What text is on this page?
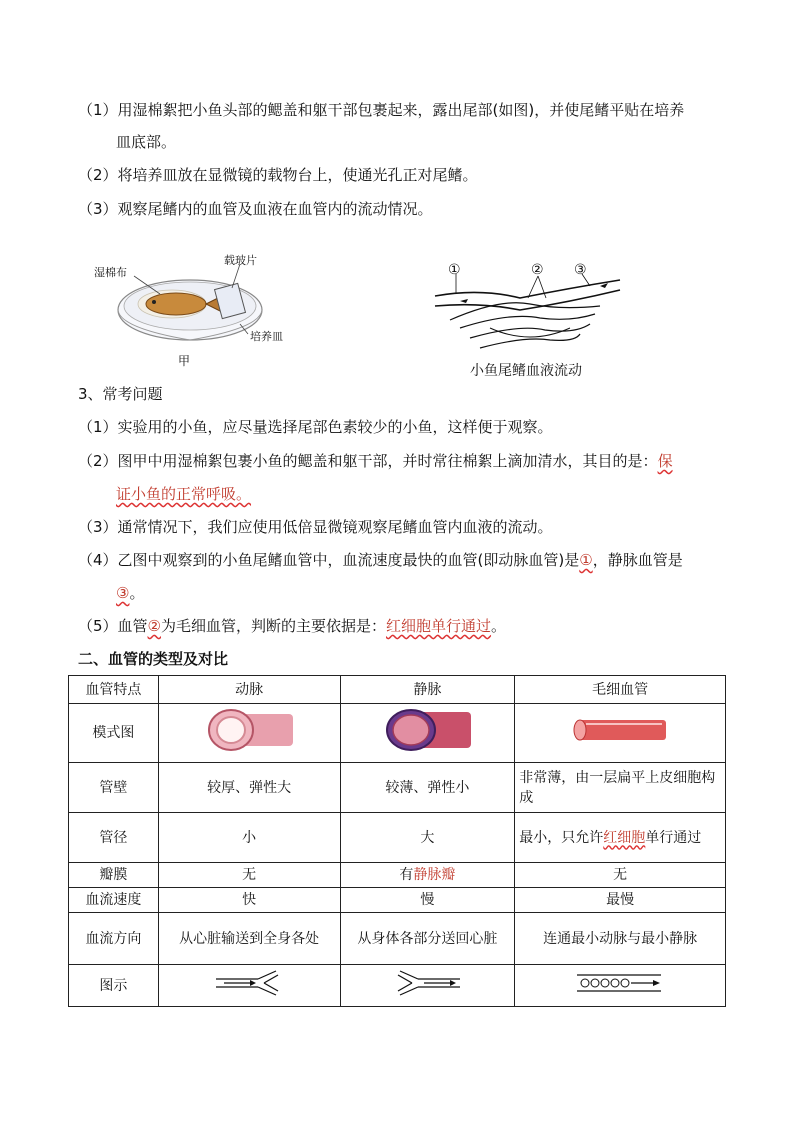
（1）用湿棉絮把小鱼头部的鳃盖和躯干部包裹起来，露出尾部(如图)，并使尾鳍平贴在培养
皿底部。
（2）将培养皿放在显微镜的载物台上，使通光孔正对尾鳍。
（3）观察尾鳍内的血管及血液在血管内的流动情况。
湿棉布
载玻片
培养皿
甲
①	② ③
小鱼尾鳍血液流动
3、常考问题
（1）实验用的小鱼，应尽量选择尾部色素较少的小鱼，这样便于观察。
（2）图甲中用湿棉絮包裹小鱼的鳃盖和躯干部，并时常往棉絮上滴加清水，其目的是：保
证小鱼的正常呼吸。
（3）通常情况下，我们应使用低倍显微镜观察尾鳍血管内血液的流动。
（4）乙图中观察到的小鱼尾鳍血管中，血流速度最快的血管(即动脉血管)是①，静脉血管是
③。
（5）血管②为毛细血管，判断的主要依据是：红细胞单行通过。
二、血管的类型及对比
血管特点	动脉	静脉	毛细血管
模式图			
管壁	较厚、弹性大	较薄、弹性小	非常薄，由一层扁平上皮细胞构成
管径	小	大	最小，只允许红细胞单行通过
瓣膜	无	有静脉瓣	无
血流速度	快	慢	最慢
血流方向	从心脏输送到全身各处	从身体各部分送回心脏	连通最小动脉与最小静脉
图示			
